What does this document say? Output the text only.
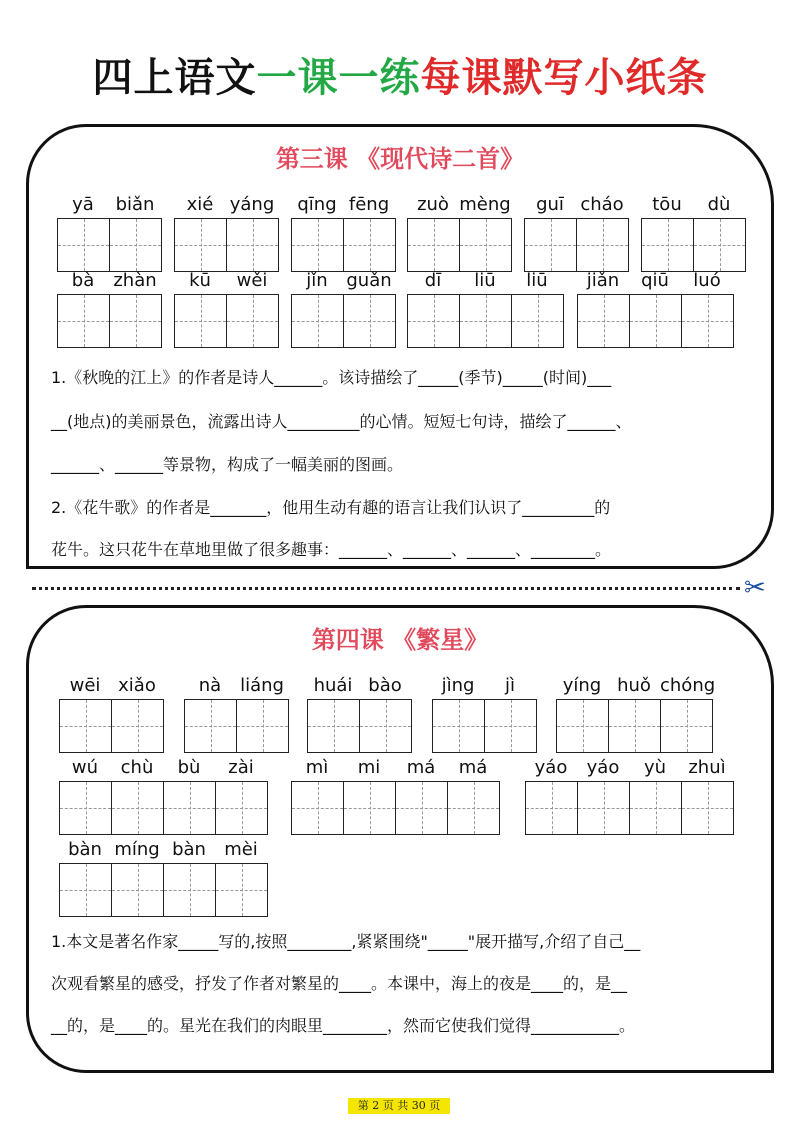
四上语文一课一练每课默写小纸条
第三课 《现代诗二首》
yā	biǎn	xié yáng	qīng fēng	zuò mèng	guī cháo	tōu	dù
bà	zhàn	kū	wěi	jǐn	guǎn	dī	liū	liū	jiǎn	qiū	luó
1.《秋晚的江上》的作者是诗人______。该诗描绘了_____(季节)_____(时间)___
__(地点)的美丽景色，流露出诗人_________的心情。短短七句诗，描绘了______、
______、______等景物，构成了一幅美丽的图画。
2.《花牛歌》的作者是_______，他用生动有趣的语言让我们认识了_________的
花牛。这只花牛在草地里做了很多趣事：______、______、______、________。
✂
第四课 《繁星》
wēi xiǎo	nà	liáng	huái bào	jìng	jì	yíng huǒ chóng
wú	chù	bù	zài	mì	mi	má	má	yáo	yáo	yù	zhuì
bàn míng bàn	mèi
1.本文是著名作家_____写的,按照________,紧紧围绕"_____"展开描写,介绍了自己__
次观看繁星的感受，抒发了作者对繁星的____。本课中，海上的夜是____的，是__
__的，是____的。星光在我们的肉眼里________，然而它使我们觉得___________。
第 2 页 共 30 页
